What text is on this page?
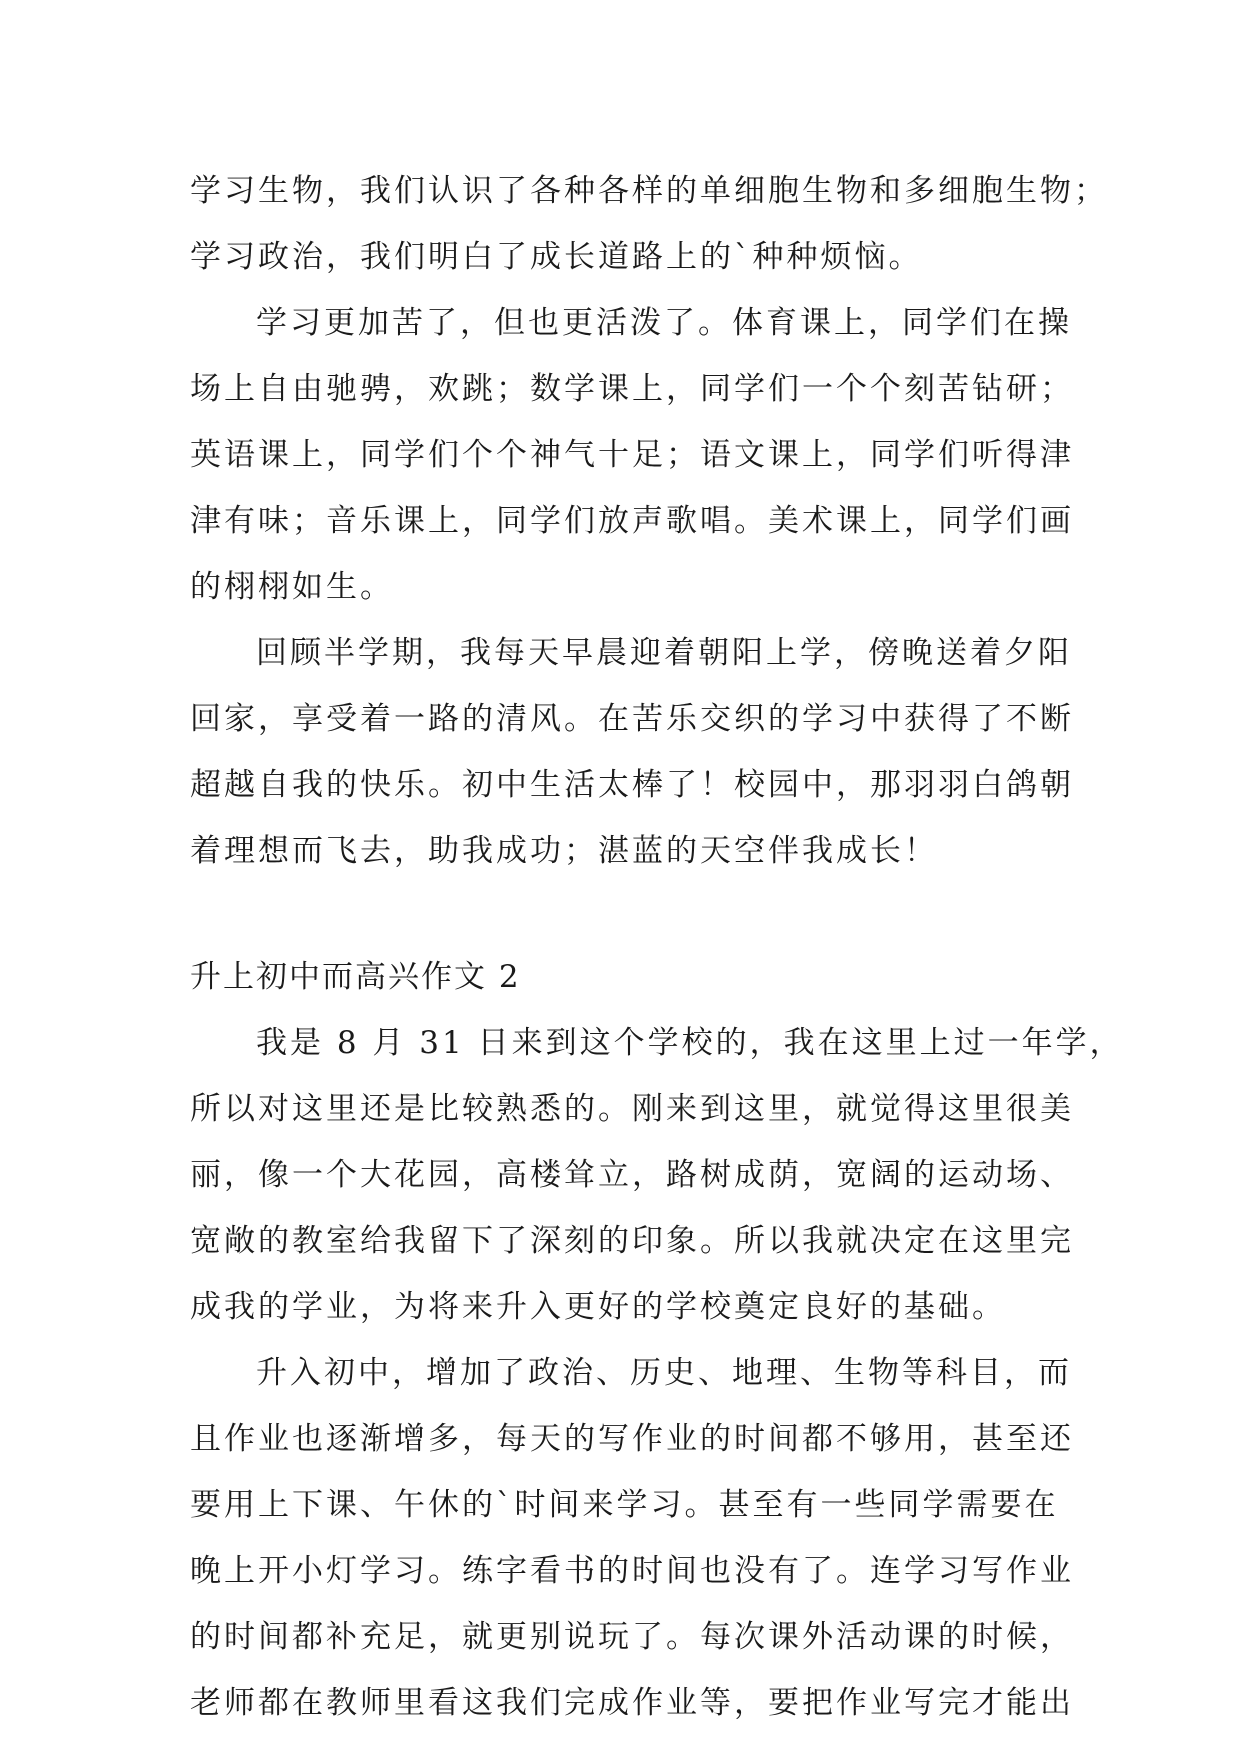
学习生物，我们认识了各种各样的单细胞生物和多细胞生物；
学习政治，我们明白了成长道路上的`种种烦恼。
学习更加苦了，但也更活泼了。体育课上，同学们在操
场上自由驰骋，欢跳；数学课上，同学们一个个刻苦钻研；
英语课上，同学们个个神气十足；语文课上，同学们听得津
津有味；音乐课上，同学们放声歌唱。美术课上，同学们画
的栩栩如生。
回顾半学期，我每天早晨迎着朝阳上学，傍晚送着夕阳
回家，享受着一路的清风。在苦乐交织的学习中获得了不断
超越自我的快乐。初中生活太棒了！校园中，那羽羽白鸽朝
着理想而飞去，助我成功；湛蓝的天空伴我成长！
升上初中而高兴作文 2
我是 8 月 31 日来到这个学校的，我在这里上过一年学，
所以对这里还是比较熟悉的。刚来到这里，就觉得这里很美
丽，像一个大花园，高楼耸立，路树成荫，宽阔的运动场、
宽敞的教室给我留下了深刻的印象。所以我就决定在这里完
成我的学业，为将来升入更好的学校奠定良好的基础。
升入初中，增加了政治、历史、地理、生物等科目，而
且作业也逐渐增多，每天的写作业的时间都不够用，甚至还
要用上下课、午休的`时间来学习。甚至有一些同学需要在
晚上开小灯学习。练字看书的时间也没有了。连学习写作业
的时间都补充足，就更别说玩了。每次课外活动课的时候，
老师都在教师里看这我们完成作业等，要把作业写完才能出
